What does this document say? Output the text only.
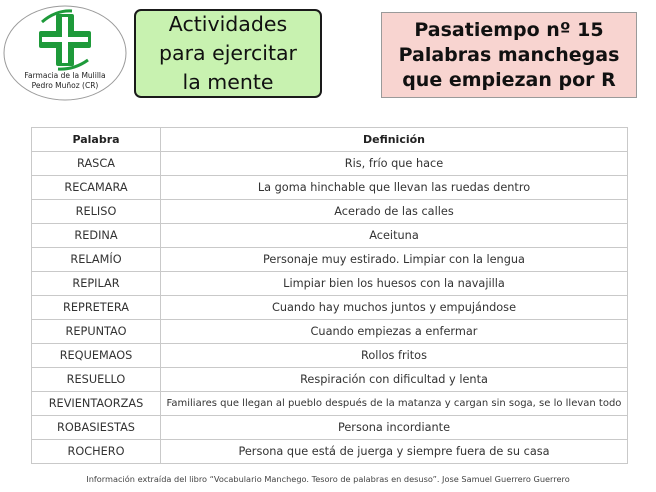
Farmacia de la Mulilla
Pedro Muñoz (CR)
Actividades
para ejercitar
la mente
Pasatiempo nº 15
Palabras manchegas
que empiezan por R
Palabra	Definición
RASCA	Ris, frío que hace
RECAMARA	La goma hinchable que llevan las ruedas dentro
RELISO	Acerado de las calles
REDINA	Aceituna
RELAMÍO	Personaje muy estirado. Limpiar con la lengua
REPILAR	Limpiar bien los huesos con la navajilla
REPRETERA	Cuando hay muchos juntos y empujándose
REPUNTAO	Cuando empiezas a enfermar
REQUEMAOS	Rollos fritos
RESUELLO	Respiración con dificultad y lenta
REVIENTAORZAS	Familiares que llegan al pueblo después de la matanza y cargan sin soga, se lo llevan todo
ROBASIESTAS	Persona incordiante
ROCHERO	Persona que está de juerga y siempre fuera de su casa
Información extraída del libro “Vocabulario Manchego. Tesoro de palabras en desuso”. Jose Samuel Guerrero Guerrero
